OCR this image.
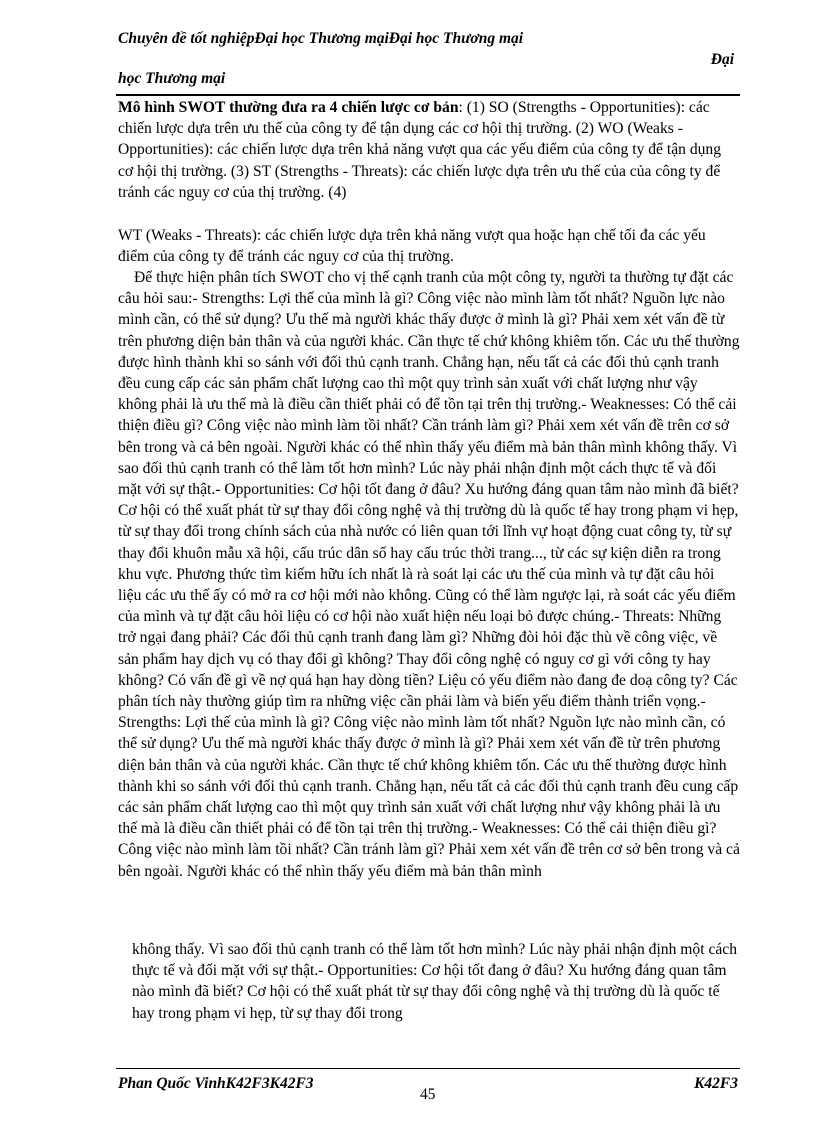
Chuyên đề tốt nghiệpĐại học Thương mạiĐại học Thương mại
Đại
học Thương mại
Mô hình SWOT thường đưa ra 4 chiến lược cơ bản: (1) SO (Strengths - Opportunities): các chiến lược dựa trên ưu thế của công ty để tận dụng các cơ hội thị trường. (2) WO (Weaks - Opportunities): các chiến lược dựa trên khả năng vượt qua các yếu điểm của công ty để tận dụng cơ hội thị trường. (3) ST (Strengths - Threats): các chiến lược dựa trên ưu thế của của công ty để tránh các nguy cơ của thị trường. (4)
WT (Weaks - Threats): các chiến lược dựa trên khả năng vượt qua hoặc hạn chế tối đa các yếu điểm của công ty để tránh các nguy cơ của thị trường.
Để thực hiện phân tích SWOT cho vị thế cạnh tranh của một công ty, người ta thường tự đặt các câu hỏi sau:- Strengths: Lợi thế của mình là gì? Công việc nào mình làm tốt nhất? Nguồn lực nào mình cần, có thể sử dụng? Ưu thế mà người khác thấy được ở mình là gì? Phải xem xét vấn đề từ trên phương diện bản thân và của người khác. Cần thực tế chứ không khiêm tốn. Các ưu thế thường được hình thành khi so sánh với đối thủ cạnh tranh. Chẳng hạn, nếu tất cả các đối thủ cạnh tranh đều cung cấp các sản phẩm chất lượng cao thì một quy trình sản xuất với chất lượng như vậy không phải là ưu thế mà là điều cần thiết phải có để tồn tại trên thị trường.- Weaknesses: Có thể cải thiện điều gì? Công việc nào mình làm tồi nhất? Cần tránh làm gì? Phải xem xét vấn đề trên cơ sở bên trong và cả bên ngoài. Người khác có thể nhìn thấy yếu điểm mà bản thân mình không thấy. Vì sao đối thủ cạnh tranh có thể làm tốt hơn mình? Lúc này phải nhận định một cách thực tế và đối mặt với sự thật.- Opportunities: Cơ hội tốt đang ở đâu? Xu hướng đáng quan tâm nào mình đã biết? Cơ hội có thể xuất phát từ sự thay đổi công nghệ và thị trường dù là quốc tế hay trong phạm vi hẹp, từ sự thay đổi trong chính sách của nhà nước có liên quan tới lĩnh vự hoạt động cuat công ty, từ sự thay đổi khuôn mẫu xã hội, cấu trúc dân số hay cấu trúc thời trang..., từ các sự kiện diễn ra trong khu vực. Phương thức tìm kiếm hữu ích nhất là rà soát lại các ưu thế của mình và tự đặt câu hỏi liệu các ưu thế ấy có mở ra cơ hội mới nào không. Cũng có thể làm ngược lại, rà soát các yếu điểm của mình và tự đặt câu hỏi liệu có cơ hội nào xuất hiện nếu loại bỏ được chúng.- Threats: Những trở ngại đang phải? Các đối thủ cạnh tranh đang làm gì? Những đòi hỏi đặc thù về công việc, về sản phẩm hay dịch vụ có thay đổi gì không? Thay đổi công nghệ có nguy cơ gì với công ty hay không? Có vấn đề gì về nợ quá hạn hay dòng tiền? Liệu có yếu điểm nào đang đe doạ công ty? Các phân tích này thường giúp tìm ra những việc cần phải làm và biến yếu điểm thành triển vọng.- Strengths: Lợi thế của mình là gì? Công việc nào mình làm tốt nhất? Nguồn lực nào mình cần, có thể sử dụng? Ưu thế mà người khác thấy được ở mình là gì? Phải xem xét vấn đề từ trên phương diện bản thân và của người khác. Cần thực tế chứ không khiêm tốn. Các ưu thế thường được hình thành khi so sánh với đối thủ cạnh tranh. Chẳng hạn, nếu tất cả các đối thủ cạnh tranh đều cung cấp các sản phẩm chất lượng cao thì một quy trình sản xuất với chất lượng như vậy không phải là ưu thế mà là điều cần thiết phải có để tồn tại trên thị trường.- Weaknesses: Có thể cải thiện điều gì? Công việc nào mình làm tồi nhất? Cần tránh làm gì? Phải xem xét vấn đề trên cơ sở bên trong và cả bên ngoài. Người khác có thể nhìn thấy yếu điểm mà bản thân mình
không thấy. Vì sao đối thủ cạnh tranh có thể làm tốt hơn mình? Lúc này phải nhận định một cách thực tế và đối mặt với sự thật.- Opportunities: Cơ hội tốt đang ở đâu? Xu hướng đáng quan tâm nào mình đã biết? Cơ hội có thể xuất phát từ sự thay đổi công nghệ và thị trường dù là quốc tế hay trong phạm vi hẹp, từ sự thay đổi trong
Phan Quốc VinhK42F3K42F3
45
K42F3
